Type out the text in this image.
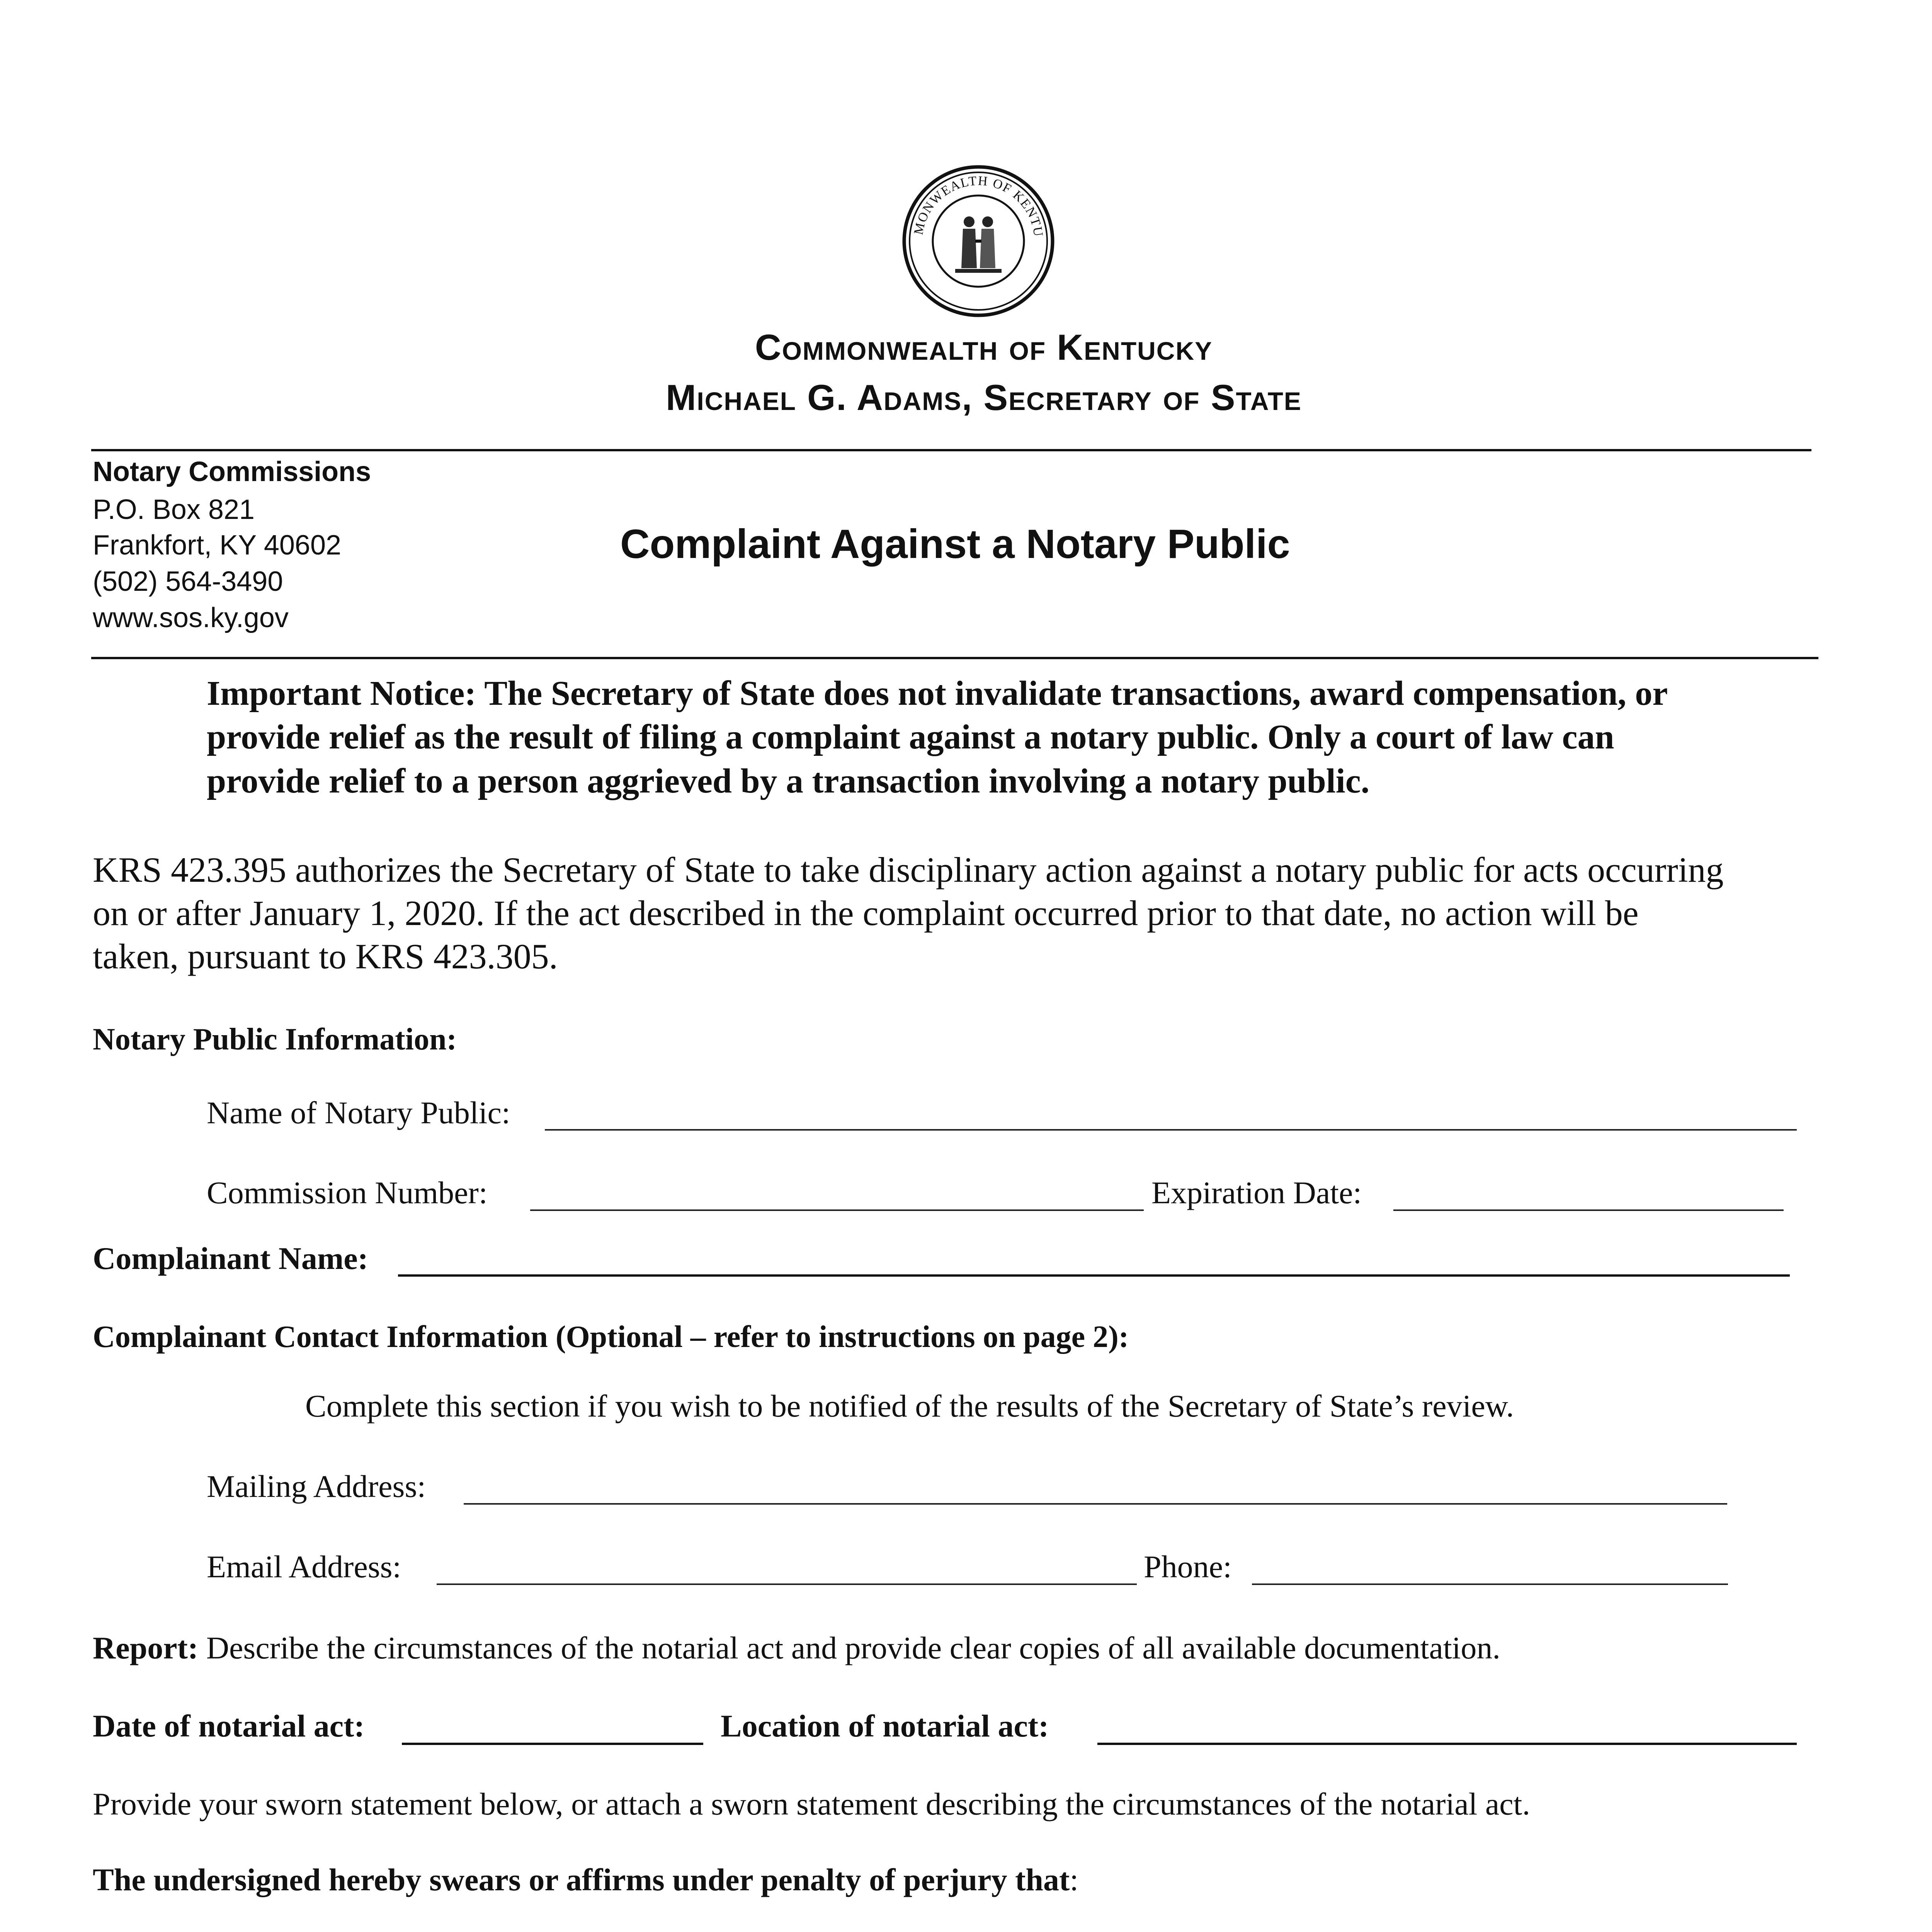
MONWEALTH OF KENTU
Commonwealth of Kentucky
Michael G. Adams, Secretary of State
Notary Commissions
P.O. Box 821
Frankfort, KY 40602
(502) 564-3490
www.sos.ky.gov
Complaint Against a Notary Public
Important Notice: The Secretary of State does not invalidate transactions, award compensation, or
provide relief as the result of filing a complaint against a notary public. Only a court of law can
provide relief to a person aggrieved by a transaction involving a notary public.
KRS 423.395 authorizes the Secretary of State to take disciplinary action against a notary public for acts occurring
on or after January 1, 2020. If the act described in the complaint occurred prior to that date, no action will be
taken, pursuant to KRS 423.305.
Notary Public Information:
Name of Notary Public:
Commission Number:	Expiration Date:
Complainant Name:
Complainant Contact Information (Optional – refer to instructions on page 2):
Complete this section if you wish to be notified of the results of the Secretary of State’s review.
Mailing Address:
Email Address:	Phone:
Report: Describe the circumstances of the notarial act and provide clear copies of all available documentation.
Date of notarial act:	Location of notarial act:
Provide your sworn statement below, or attach a sworn statement describing the circumstances of the notarial act.
The undersigned hereby swears or affirms under penalty of perjury that:
